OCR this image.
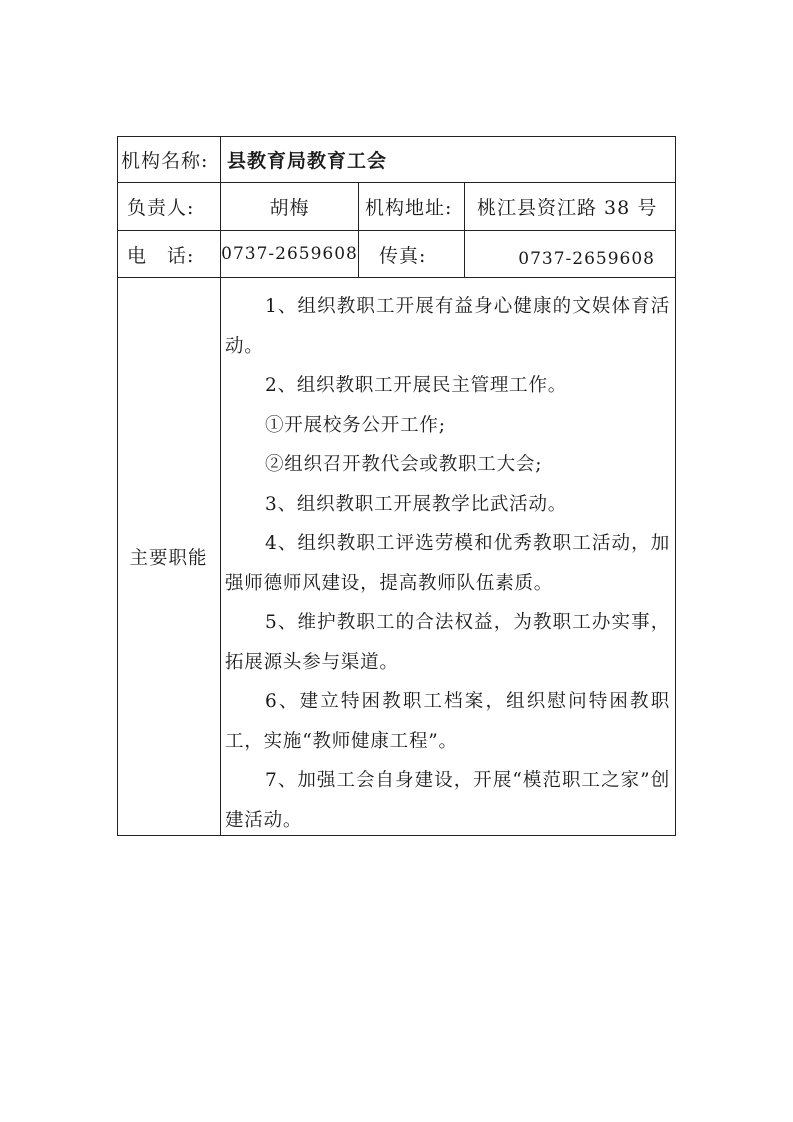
机构名称: 县教育局教育工会
负责人:	胡梅	机构地址: 桃江县资江路 38 号
电　话: 0737-2659608 传真:	0737-2659608
主要职能

1、组织教职工开展有益身心健康的文娱体育活动。

2、组织教职工开展民主管理工作。

①开展校务公开工作;

②组织召开教代会或教职工大会;

3、组织教职工开展教学比武活动。

4、组织教职工评选劳模和优秀教职工活动，加强师德师风建设，提高教师队伍素质。

5、维护教职工的合法权益，为教职工办实事，拓展源头参与渠道。

6、建立特困教职工档案，组织慰问特困教职工，实施“教师健康工程”。

7、加强工会自身建设，开展“模范职工之家”创建活动。
